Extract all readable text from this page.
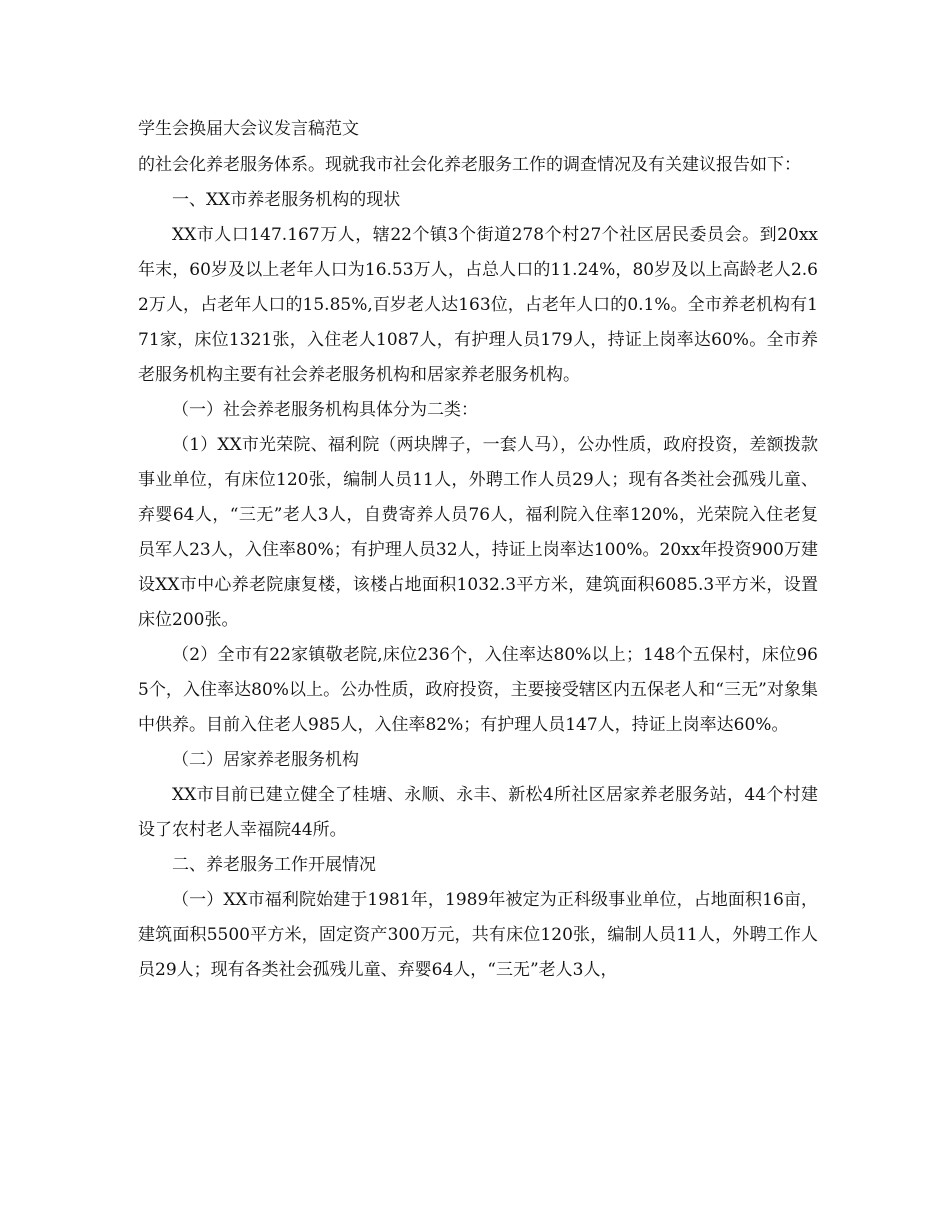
学生会换届大会议发言稿范文

的社会化养老服务体系。现就我市社会化养老服务工作的调查情况及有关建议报告如下：

一、XX市养老服务机构的现状

XX市人口147.167万人，辖22个镇3个街道278个村27个社区居民委员会。到20xx年末，60岁及以上老年人口为16.53万人，占总人口的11.24%，80岁及以上高龄老人2.62万人，占老年人口的15.85%,百岁老人达163位，占老年人口的0.1%。全市养老机构有171家，床位1321张，入住老人1087人，有护理人员179人，持证上岗率达60%。全市养老服务机构主要有社会养老服务机构和居家养老服务机构。

（一）社会养老服务机构具体分为二类：

（1）XX市光荣院、福利院（两块牌子，一套人马），公办性质，政府投资，差额拨款事业单位，有床位120张，编制人员11人，外聘工作人员29人；现有各类社会孤残儿童、弃婴64人，“三无”老人3人，自费寄养人员76人，福利院入住率120%，光荣院入住老复员军人23人，入住率80%；有护理人员32人，持证上岗率达100%。20xx年投资900万建设XX市中心养老院康复楼，该楼占地面积1032.3平方米，建筑面积6085.3平方米，设置床位200张。

（2）全市有22家镇敬老院,床位236个，入住率达80%以上；148个五保村，床位965个，入住率达80%以上。公办性质，政府投资，主要接受辖区内五保老人和“三无”对象集中供养。目前入住老人985人，入住率82%；有护理人员147人，持证上岗率达60%。

（二）居家养老服务机构

XX市目前已建立健全了桂塘、永顺、永丰、新松4所社区居家养老服务站，44个村建设了农村老人幸福院44所。

二、养老服务工作开展情况

（一）XX市福利院始建于1981年，1989年被定为正科级事业单位，占地面积16亩，建筑面积5500平方米，固定资产300万元，共有床位120张，编制人员11人，外聘工作人员29人；现有各类社会孤残儿童、弃婴64人，“三无”老人3人，
